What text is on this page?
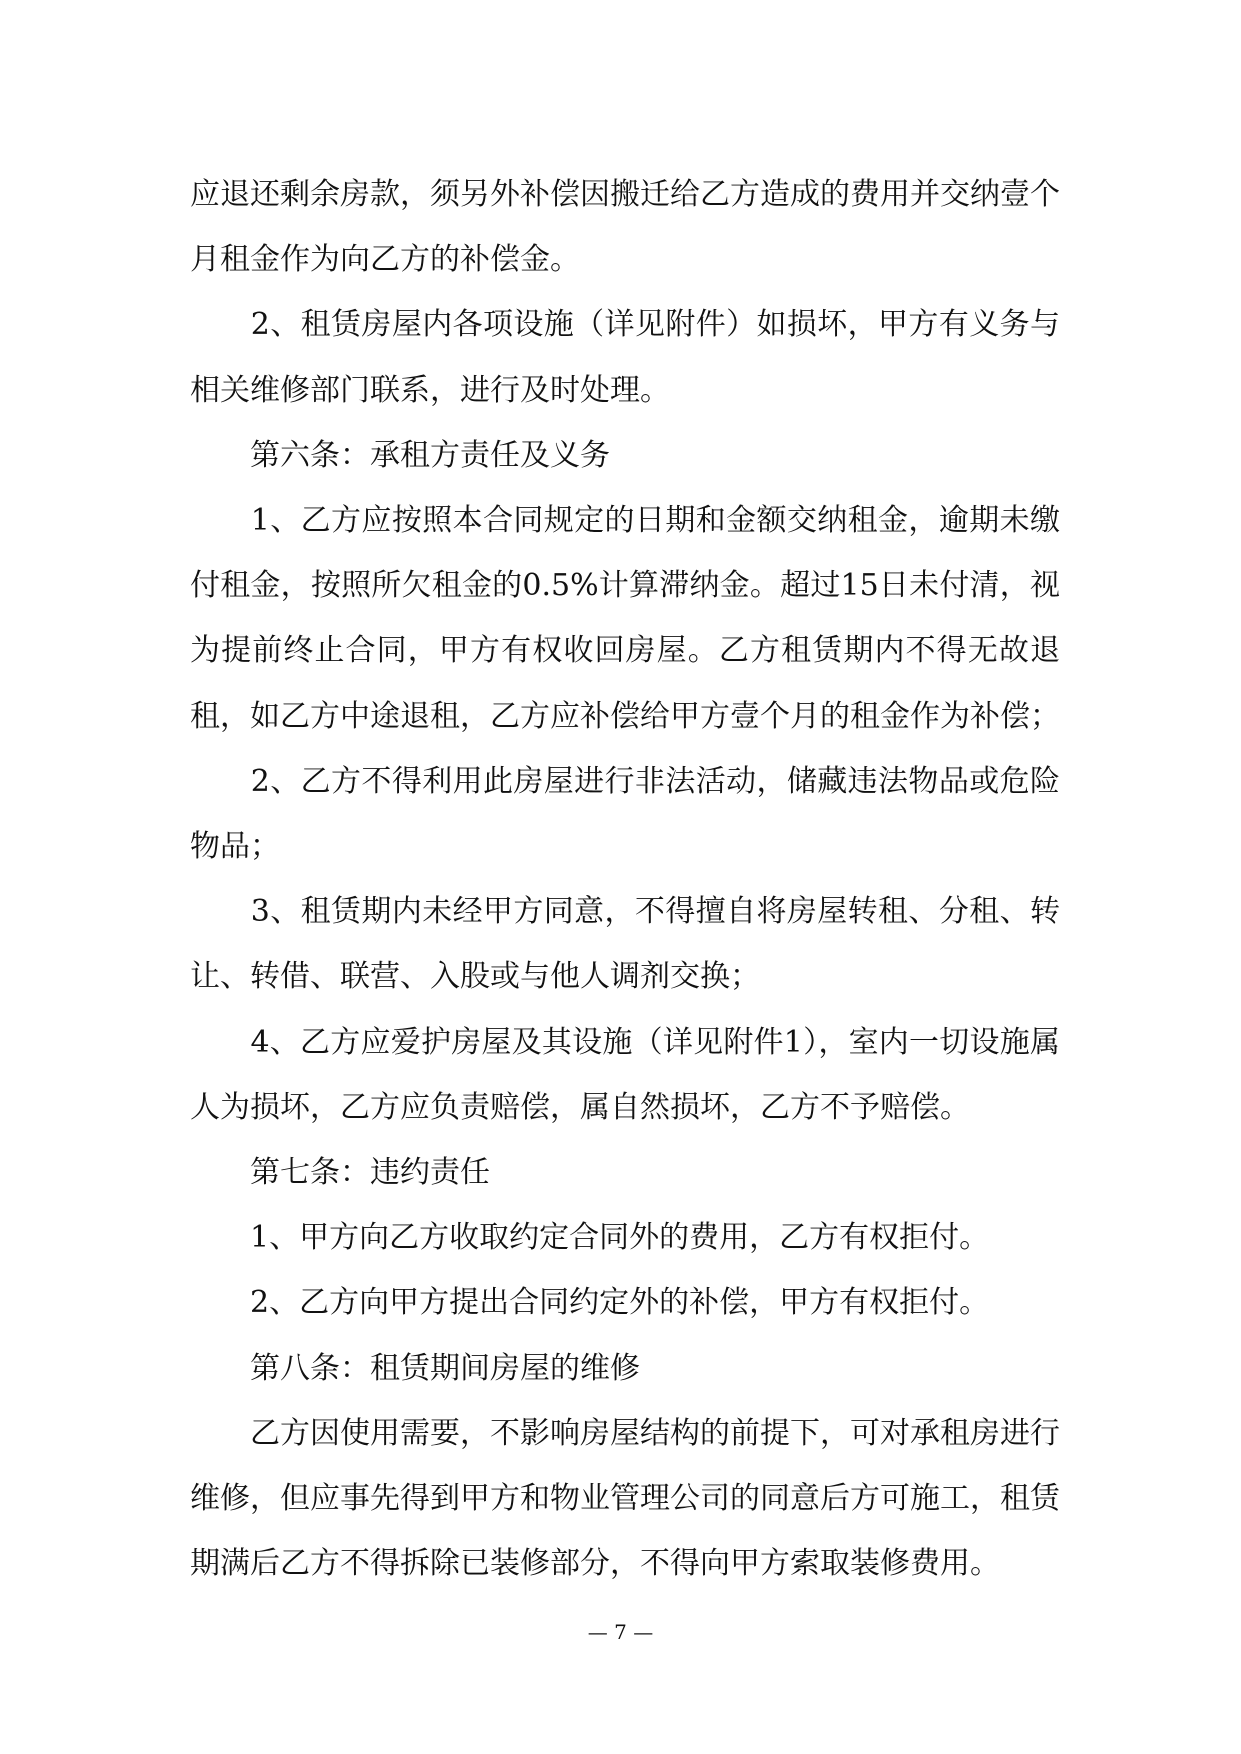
应退还剩余房款，须另外补偿因搬迁给乙方造成的费用并交纳壹个月租金作为向乙方的补偿金。

　　2、租赁房屋内各项设施（详见附件）如损坏，甲方有义务与相关维修部门联系，进行及时处理。

　　第六条：承租方责任及义务

　　1、乙方应按照本合同规定的日期和金额交纳租金，逾期未缴付租金，按照所欠租金的0.5%计算滞纳金。超过15日未付清，视为提前终止合同，甲方有权收回房屋。乙方租赁期内不得无故退租，如乙方中途退租，乙方应补偿给甲方壹个月的租金作为补偿；

　　2、乙方不得利用此房屋进行非法活动，储藏违法物品或危险物品；

　　3、租赁期内未经甲方同意，不得擅自将房屋转租、分租、转让、转借、联营、入股或与他人调剂交换；

　　4、乙方应爱护房屋及其设施（详见附件1），室内一切设施属人为损坏，乙方应负责赔偿，属自然损坏，乙方不予赔偿。

　　第七条：违约责任

　　1、甲方向乙方收取约定合同外的费用，乙方有权拒付。

　　2、乙方向甲方提出合同约定外的补偿，甲方有权拒付。

　　第八条：租赁期间房屋的维修

　　乙方因使用需要，不影响房屋结构的前提下，可对承租房进行维修，但应事先得到甲方和物业管理公司的同意后方可施工，租赁期满后乙方不得拆除已装修部分，不得向甲方索取装修费用。

— 7 —
